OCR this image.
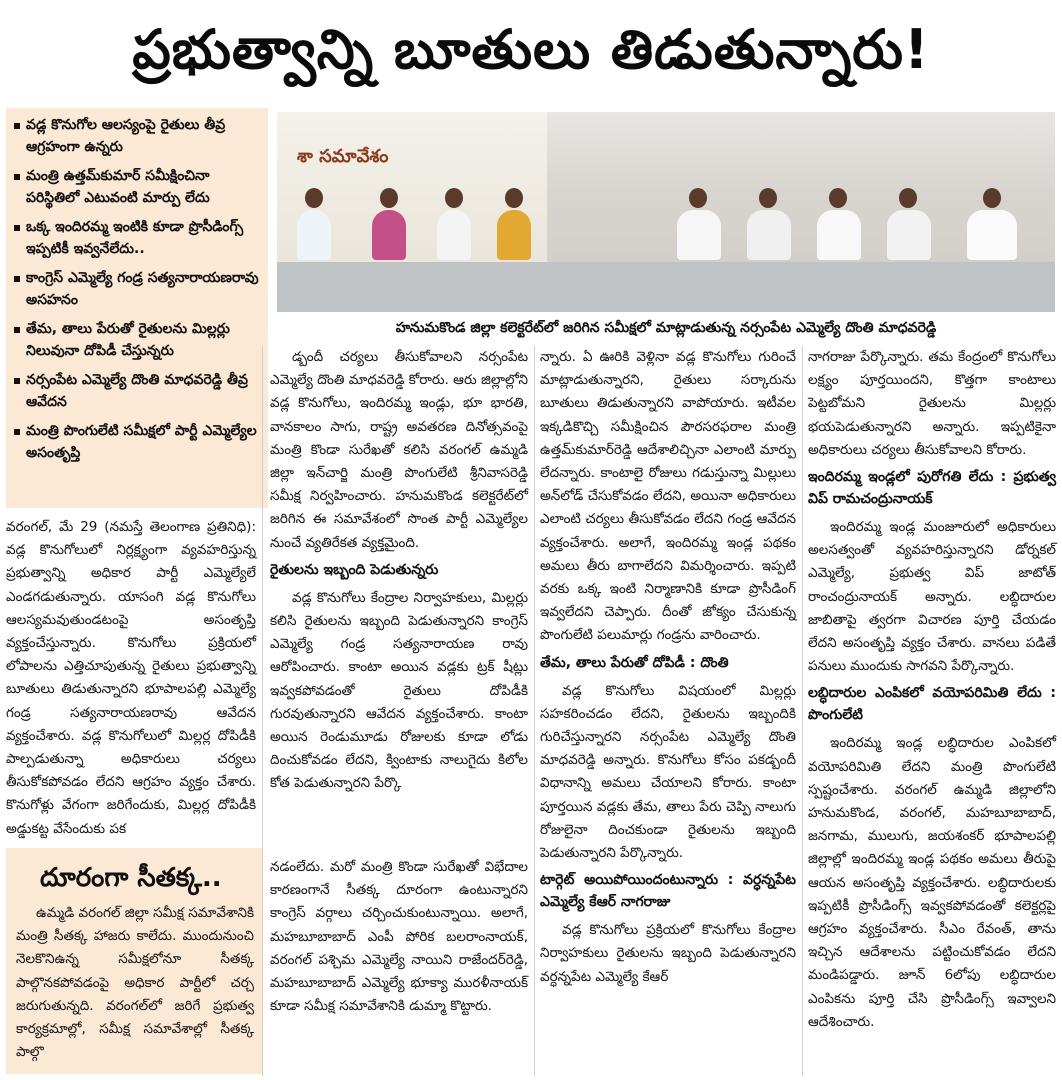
ప్రభుత్వాన్ని బూతులు తిడుతున్నారు!
వడ్ల కొనుగోల ఆలస్యంపై రైతులు తీవ్ర ఆగ్రహంగా ఉన్నరు
మంత్రి ఉత్తమ్‌కుమార్ సమీక్షించినా పరిస్థితిలో ఎటువంటి మార్పు లేదు
ఒక్క ఇందిరమ్మ ఇంటికి కూడా ప్రొసీడింగ్స్ ఇప్పటికీ ఇవ్వనేలేదు..
కాంగ్రెస్ ఎమ్మెల్యే గండ్ర సత్యనారాయణరావు అసహనం
తేమ, తాలు పేరుతో రైతులను మిల్లర్లు నిలువునా దోపిడీ చేస్తున్నరు
నర్సంపేట ఎమ్మెల్యే దొంతి మాధవరెడ్డి తీవ్ర ఆవేదన
మంత్రి పొంగులేటి సమీక్షలో పార్టీ ఎమ్మెల్యేల అసంతృప్తి
శా సమావేశం
హనుమకొండ జిల్లా కలెక్టరేట్‌లో జరిగిన సమీక్షలో మాట్లాడుతున్న నర్సంపేట ఎమ్మెల్యే దొంతి మాధవరెడ్డి

వరంగల్, మే 29 (నమస్తే తెలంగాణ ప్రతినిధి): వడ్ల కొనుగోలులో నిర్లక్ష్యంగా వ్యవహరిస్తున్న ప్రభుత్వాన్ని అధికార పార్టీ ఎమ్మెల్యేలే ఎండగడుతున్నారు. యాసంగి వడ్ల కొనుగోలు ఆలస్యమవుతుండటంపై అసంతృప్తి వ్యక్తంచేస్తున్నారు. కొనుగోలు ప్రక్రియలో లోపాలను ఎత్తిచూపుతున్న రైతులు ప్రభుత్వాన్ని బూతులు తిడుతున్నారని భూపాలపల్లి ఎమ్మెల్యే గండ్ర సత్యనారాయణరావు ఆవేదన వ్యక్తంచేశారు. వడ్ల కొనుగోలులో మిల్లర్ల దోపిడీకి పాల్పడుతున్నా అధికారులు చర్యలు తీసుకోకపోవడం లేదని ఆగ్రహం వ్యక్తం చేశారు. కొనుగోళ్లు వేగంగా జరిగేందుకు, మిల్లర్ల దోపిడీకి అడ్డుకట్ట వేసేందుకు పక

డ్బందీ చర్యలు తీసుకోవాలని నర్సంపేట ఎమ్మెల్యే దొంతి మాధవరెడ్డి కోరారు. ఆరు జిల్లాల్లోని వడ్ల కొనుగోలు, ఇందిరమ్మ ఇండ్లు, భూ భారతి, వానకాలం సాగు, రాష్ట్ర అవతరణ దినోత్సవంపై మంత్రి కొండా సురేఖతో కలిసి వరంగల్ ఉమ్మడి జిల్లా ఇన్‌చార్జి మంత్రి పొంగులేటి శ్రీనివాసరెడ్డి సమీక్ష నిర్వహించారు. హనుమకొండ కలెక్టరేట్‌లో జరిగిన ఈ సమావేశంలో సొంత పార్టీ ఎమ్మెల్యేల నుంచే వ్యతిరేకత వ్యక్తమైంది.

రైతులను ఇబ్బంది పెడుతున్నరు

వడ్ల కొనుగోలు కేంద్రాల నిర్వాహకులు, మిల్లర్లు కలిసి రైతులను ఇబ్బంది పెడుతున్నారని కాంగ్రెస్ ఎమ్మెల్యే గండ్ర సత్యనారాయణ రావు ఆరోపించారు. కాంటా అయిన వడ్లకు ట్రక్ షీట్లు ఇవ్వకపోవడంతో రైతులు దోపిడీకి గురవుతున్నారని ఆవేదన వ్యక్తంచేశారు. కాంటా అయిన రెండుమూడు రోజులకు కూడా లోడు దించుకోవడం లేదని, క్వింటాకు నాలుగైదు కిలోల కోత పెడుతున్నారని పేర్కొ

నడంలేదు. మరో మంత్రి కొండా సురేఖతో విభేదాల కారణంగానే సీతక్క దూరంగా ఉంటున్నారని కాంగ్రెస్ వర్గాలు చర్చించుకుంటున్నాయి. అలాగే, మహబూబాబాద్ ఎంపీ పోరిక బలరాంనాయక్, వరంగల్ పశ్చిమ ఎమ్మెల్యే నాయిని రాజేందర్‌రెడ్డి, మహబూబాబాద్ ఎమ్మెల్యే భూక్యా మురళీనాయక్ కూడా సమీక్ష సమావేశానికి డుమ్మా కొట్టారు.

న్నారు. ఏ ఊరికి వెళ్లినా వడ్ల కొనుగోలు గురించే మాట్లాడుతున్నారని, రైతులు సర్కారును బూతులు తిడుతున్నారని వాపోయారు. ఇటీవల ఇక్కడికొచ్చి సమీక్షించిన పౌరసరఫరాల మంత్రి ఉత్తమ్‌కుమార్‌రెడ్డి ఆదేశాలిచ్చినా ఎలాంటి మార్పు లేదన్నారు. కాంటాలై రోజులు గడుస్తున్నా మిల్లులు అన్‌లోడ్ చేసుకోవడం లేదని, అయినా అధికారులు ఎలాంటి చర్యలు తీసుకోవడం లేదని గండ్ర ఆవేదన వ్యక్తంచేశారు. అలాగే, ఇందిరమ్మ ఇండ్ల పథకం అమలు తీరు బాగాలేదని విమర్శించారు. ఇప్పటి వరకు ఒక్క ఇంటి నిర్మాణానికి కూడా ప్రొసీడింగ్ ఇవ్వలేదని చెప్పారు. దీంతో జోక్యం చేసుకున్న పొంగులేటి పలుమార్లు గండ్రను వారించారు.

తేమ, తాలు పేరుతో దోపిడీ : దొంతి

వడ్ల కొనుగోలు విషయంలో మిల్లర్లు సహకరించడం లేదని, రైతులను ఇబ్బందికి గురిచేస్తున్నారని నర్సంపేట ఎమ్మెల్యే దొంతి మాధవరెడ్డి అన్నారు. కొనుగోలు కోసం పకడ్బందీ విధానాన్ని అమలు చేయాలని కోరారు. కాంటా పూర్తయిన వడ్లకు తేమ, తాలు పేరు చెప్పి నాలుగు రోజులైనా దించకుండా రైతులను ఇబ్బంది పెడుతున్నారని పేర్కొన్నారు.

టార్గెట్ అయిపోయిందంటున్నారు : వర్ధన్నపేట ఎమ్మెల్యే కేఆర్ నాగరాజు

వడ్ల కొనుగోలు ప్రక్రియలో కొనుగోలు కేంద్రాల నిర్వాహకులు రైతులను ఇబ్బంది పెడుతున్నారని వర్ధన్నపేట ఎమ్మెల్యే కేఆర్

నాగరాజు పేర్కొన్నారు. తమ కేంద్రంలో కొనుగోలు లక్ష్యం పూర్తయిందని, కొత్తగా కాంటాలు పెట్టబోమని రైతులను మిల్లర్లు భయపెడుతున్నారని అన్నారు. ఇప్పటికైనా అధికారులు చర్యలు తీసుకోవాలని కోరారు.

ఇందిరమ్మ ఇండ్లలో పురోగతి లేదు : ప్రభుత్వ విప్ రామచంద్రునాయక్

ఇందిరమ్మ ఇండ్ల మంజూరులో అధికారులు అలసత్వంతో వ్యవహరిస్తున్నారని డోర్నకల్ ఎమ్మెల్యే, ప్రభుత్వ విప్ జాటోత్ రాంచంద్రునాయక్ అన్నారు. లబ్ధిదారుల జాబితాపై త్వరగా విచారణ పూర్తి చేయడం లేదని అసంతృప్తి వ్యక్తం చేశారు. వానలు పడితే పనులు ముందుకు సాగవని పేర్కొన్నారు.

లబ్ధిదారుల ఎంపికలో వయోపరిమితి లేదు : పొంగులేటి

ఇందిరమ్మ ఇండ్ల లబ్ధిదారుల ఎంపికలో వయోపరిమితి లేదని మంత్రి పొంగులేటి స్పష్టంచేశారు. వరంగల్ ఉమ్మడి జిల్లాలోని హనుమకొండ, వరంగల్, మహబూబాబాద్, జనగామ, ములుగు, జయశంకర్ భూపాలపల్లి జిల్లాల్లో ఇందిరమ్మ ఇండ్ల పథకం అమలు తీరుపై ఆయన అసంతృప్తి వ్యక్తంచేశారు. లబ్ధిదారులకు ఇప్పటికీ ప్రొసీడింగ్స్ ఇవ్వకపోవడంతో కలెక్టర్లపై ఆగ్రహం వ్యక్తంచేశారు. సీఎం రేవంత్, తాను ఇచ్చిన ఆదేశాలను పట్టించుకోవడం లేదని మండిపడ్డారు. జూన్ 6లోపు లబ్ధిదారుల ఎంపికను పూర్తి చేసి ప్రొసీడింగ్స్ ఇవ్వాలని ఆదేశించారు.

దూరంగా సీతక్క..

ఉమ్మడి వరంగల్ జిల్లా సమీక్ష సమావేశానికి మంత్రి సీతక్క హాజరు కాలేదు. ముందునుంచి నెలకొనిఉన్న సమీక్షలోనూ సీతక్క పాల్గొనకపోవడంపై అధికార పార్టీలో చర్చ జరుగుతున్నది. వరంగల్‌లో జరిగే ప్రభుత్వ కార్యక్రమాల్లో, సమీక్ష సమావేశాల్లో సీతక్క పాల్గొ
